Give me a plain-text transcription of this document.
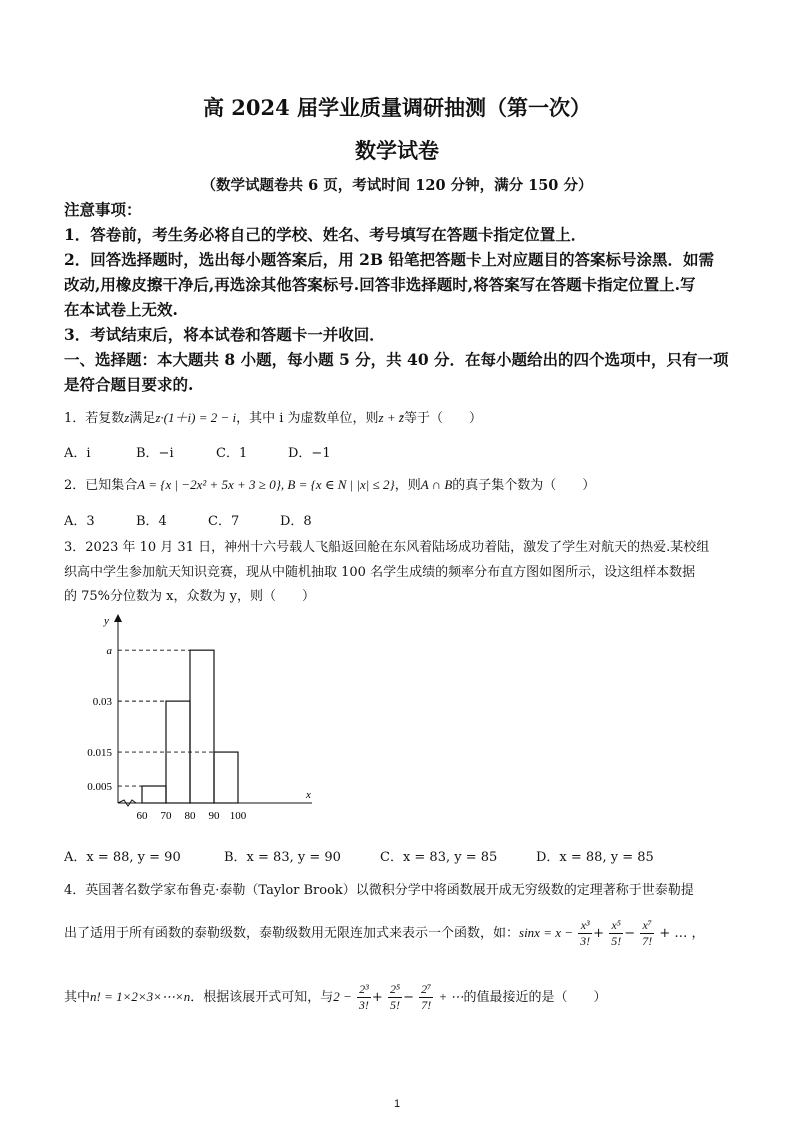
高 2024 届学业质量调研抽测（第一次）
数学试卷
（数学试题卷共 6 页，考试时间 120 分钟，满分 150 分）
注意事项：
1．答卷前，考生务必将自己的学校、姓名、考号填写在答题卡指定位置上．
2．回答选择题时，选出每小题答案后，用 2B 铅笔把答题卡上对应题目的答案标号涂黑．如需
改动,用橡皮擦干净后,再选涂其他答案标号.回答非选择题时,将答案写在答题卡指定位置上.写
在本试卷上无效.
3．考试结束后，将本试卷和答题卡一并收回．
一、选择题：本大题共 8 小题，每小题 5 分，共 40 分．在每小题给出的四个选项中，只有一项
是符合题目要求的.
1．若复数z满足z·(1＋i) = 2 − i，其中 i 为虚数单位，则z + z̄等于（　　）
A．i	B．−i	C．1	D．−1
2．已知集合A = {x | −2x² + 5x + 3 ≥ 0}, B = {x ∈ N | |x| ≤ 2}，则A ∩ B的真子集个数为（　　）
A．3	B．4	C．7	D．8
3．2023 年 10 月 31 日，神州十六号载人飞船返回舱在东风着陆场成功着陆，激发了学生对航天的热爱.某校组
织高中学生参加航天知识竞赛，现从中随机抽取 100 名学生成绩的频率分布直方图如图所示，设这组样本数据
的 75%分位数为 x，众数为 y，则（　　）
y
x
0.005
0.015
0.03
a
60 70 80 90 100
A．x = 88, y = 90	B．x = 83, y = 90	C．x = 83, y = 85	D．x = 88, y = 85
4．英国著名数学家布鲁克·泰勒（Taylor Brook）以微积分学中将函数展开成无穷级数的定理著称于世泰勒提
出了适用于所有函数的泰勒级数，泰勒级数用无限连加式来表示一个函数，如：$\sin x = x - \frac{\text{x³}}{3!} + \frac{\text{x⁵}}{5!} - \frac{\text{x⁷}}{7!}$ + … ，
其中n! = 1×2×3×⋯×n．根据该展开式可知，与$2 - \frac{\text{2³}}{3!} + \frac{\text{2⁵}}{5!} - \frac{\text{2⁷}}{7!}$ + ⋯的值最接近的是（　　）
1
